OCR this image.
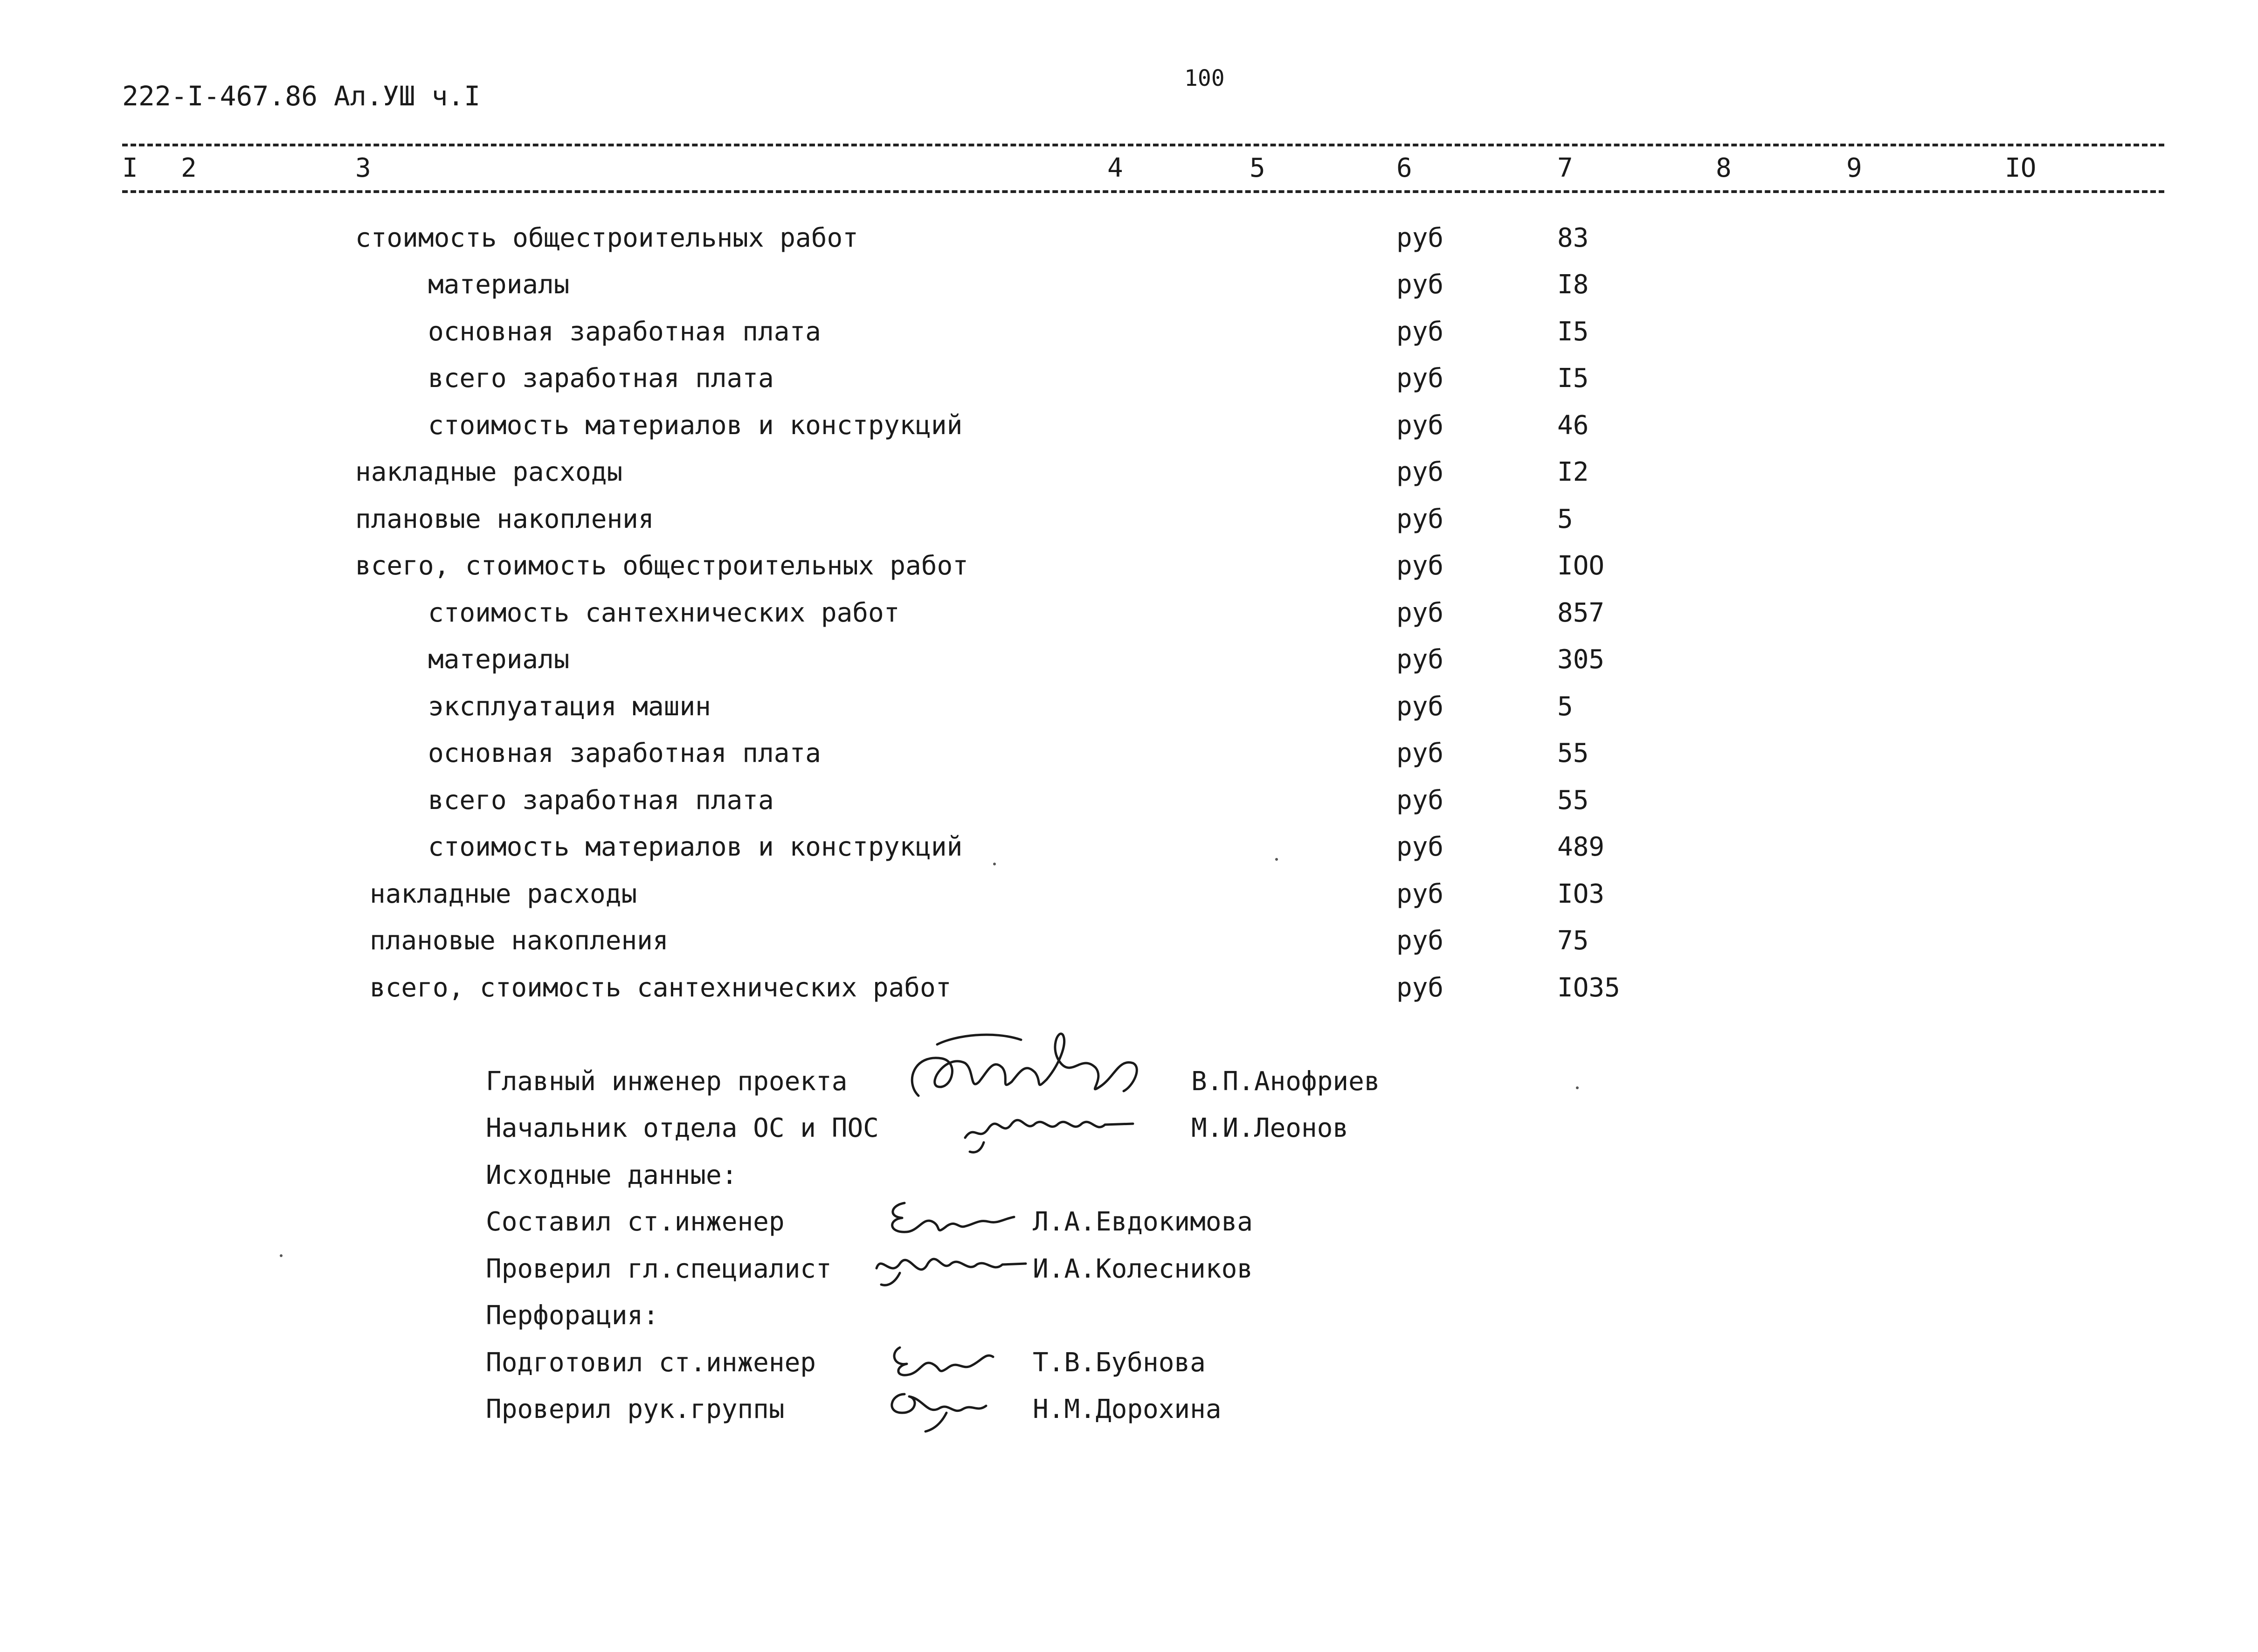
100
222-I-467.86 Ал.УШ ч.I
I 2	3	4	5	6	7	8	9	IO
стоимость общестроительных работ	руб	83
материалы	руб	I8
основная заработная плата	руб	I5
всего заработная плата	руб	I5
стоимость материалов и конструкций	руб	46
накладные расходы	руб	I2
плановые накопления	руб	5
всего, стоимость общестроительных работ	руб	IOO
стоимость сантехнических работ	руб	857
материалы	руб	305
эксплуатация машин	руб	5
основная заработная плата	руб	55
всего заработная плата	руб	55
стоимость материалов и конструкций	руб	489
накладные расходы	руб	IO3
плановые накопления	руб	75
всего, стоимость сантехнических работ	руб	IO35
Главный инженер проекта	В.П.Анофриев
Начальник отдела ОС и ПОС	М.И.Леонов
Исходные данные:
Составил ст.инженер	Л.А.Евдокимова
Проверил гл.специалист	И.А.Колесников
Перфорация:
Подготовил ст.инженер	Т.В.Бубнова
Проверил рук.группы	Н.М.Дорохина
